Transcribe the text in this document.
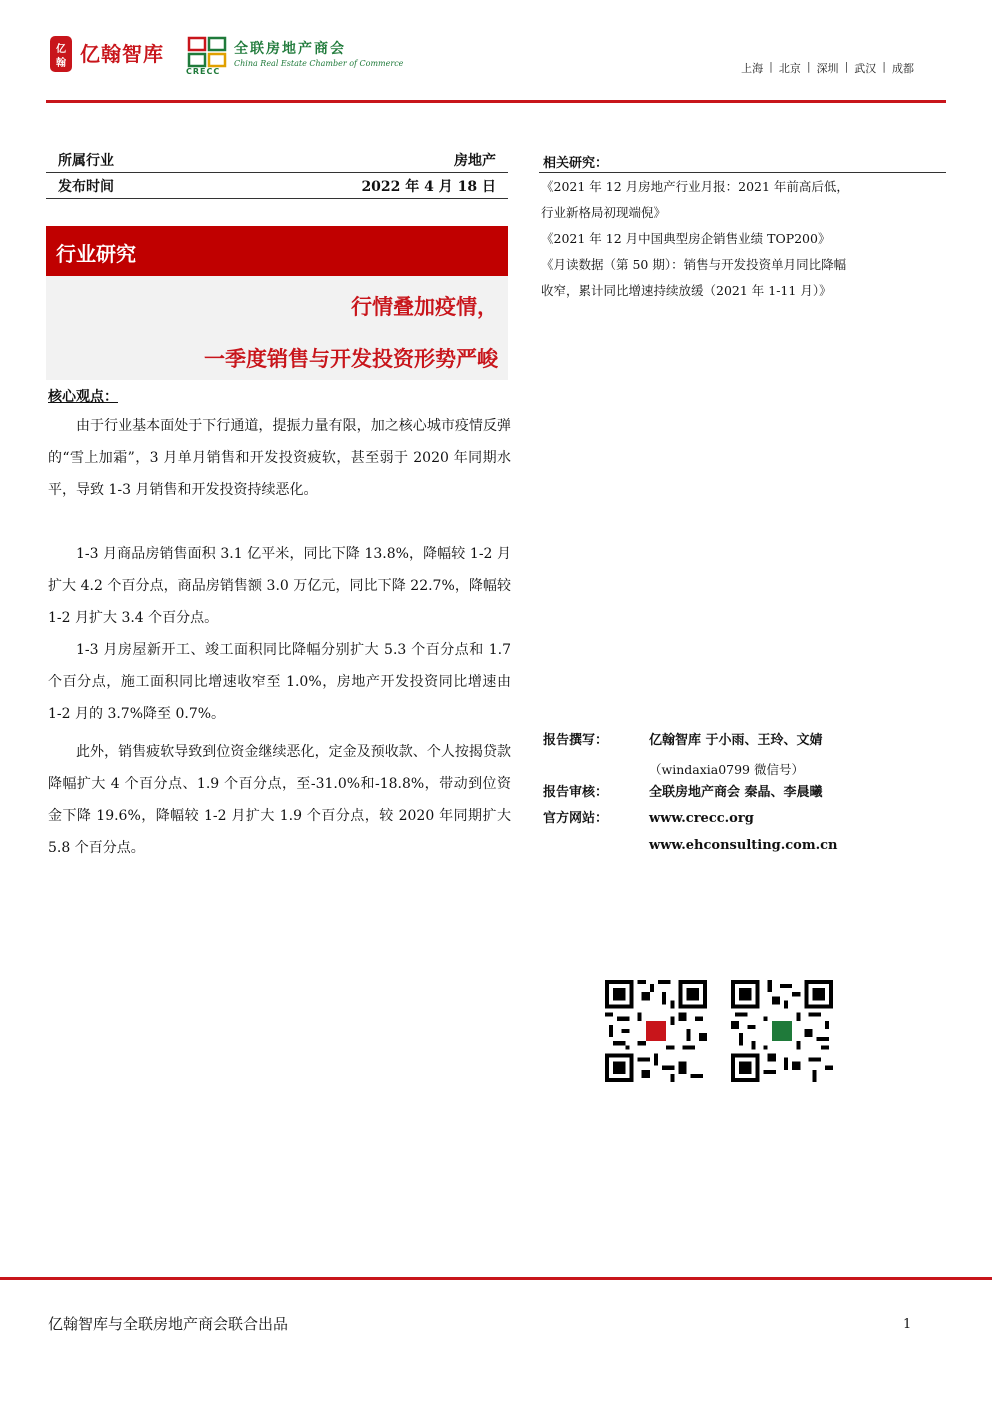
亿
翰 亿翰智库
CRECC
全联房地产商会
China Real Estate Chamber of Commerce	上海 | 北京 | 深圳 | 武汉 | 成都
所属行业	房地产
发布时间	2022 年 4 月 18 日
行业研究
行情叠加疫情，
一季度销售与开发投资形势严峻
核心观点：
由于行业基本面处于下行通道，提振力量有限，加之核心城市疫情反弹的“雪上加霜”，3 月单月销售和开发投资疲软，甚至弱于 2020 年同期水平，导致 1-3 月销售和开发投资持续恶化。
1-3 月商品房销售面积 3.1 亿平米，同比下降 13.8%，降幅较 1-2 月扩大 4.2 个百分点，商品房销售额 3.0 万亿元，同比下降 22.7%，降幅较 1-2 月扩大 3.4 个百分点。
1-3 月房屋新开工、竣工面积同比降幅分别扩大 5.3 个百分点和 1.7 个百分点，施工面积同比增速收窄至 1.0%，房地产开发投资同比增速由 1-2 月的 3.7%降至 0.7%。
此外，销售疲软导致到位资金继续恶化，定金及预收款、个人按揭贷款降幅扩大 4 个百分点、1.9 个百分点，至-31.0%和-18.8%，带动到位资金下降 19.6%，降幅较 1-2 月扩大 1.9 个百分点，较 2020 年同期扩大 5.8 个百分点。
相关研究：
《2021 年 12 月房地产行业月报：2021 年前高后低，行业新格局初现端倪》
《2021 年 12 月中国典型房企销售业绩 TOP200》
《月读数据（第 50 期）：销售与开发投资单月同比降幅收窄，累计同比增速持续放缓（2021 年 1-11 月）》
报告撰写：	亿翰智库 于小雨、王玲、文婧
（windaxia0799 微信号）
报告审核：	全联房地产商会 秦晶、李晨曦
官方网站：	www.crecc.org
www.ehconsulting.com.cn
亿翰智库与全联房地产商会联合出品	1
